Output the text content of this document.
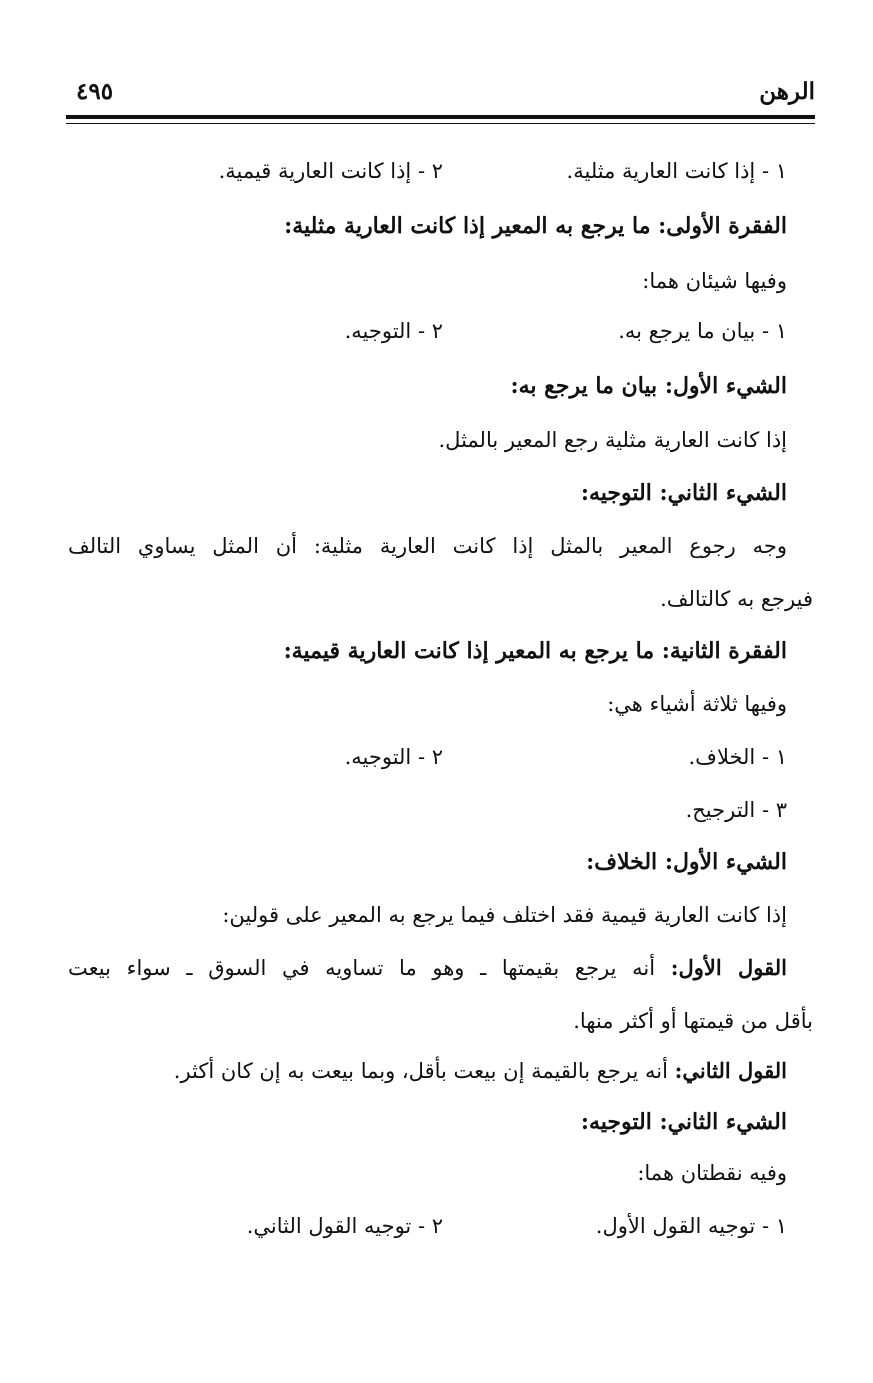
الرهن
٤٩٥
١ - إذا كانت العارية مثلية.
٢ - إذا كانت العارية قيمية.
الفقرة الأولى: ما يرجع به المعير إذا كانت العارية مثلية:
وفيها شيئان هما:
١ - بيان ما يرجع به.
٢ - التوجيه.
الشيء الأول: بيان ما يرجع به:
إذا كانت العارية مثلية رجع المعير بالمثل.
الشيء الثاني: التوجيه:
وجه رجوع المعير بالمثل إذا كانت العارية مثلية: أن المثل يساوي التالف
فيرجع به كالتالف.
الفقرة الثانية: ما يرجع به المعير إذا كانت العارية قيمية:
وفيها ثلاثة أشياء هي:
١ - الخلاف.
٢ - التوجيه.
٣ - الترجيح.
الشيء الأول: الخلاف:
إذا كانت العارية قيمية فقد اختلف فيما يرجع به المعير على قولين:
القول الأول: أنه يرجع بقيمتها ـ وهو ما تساويه في السوق ـ سواء بيعت
بأقل من قيمتها أو أكثر منها.
القول الثاني: أنه يرجع بالقيمة إن بيعت بأقل، وبما بيعت به إن كان أكثر.
الشيء الثاني: التوجيه:
وفيه نقطتان هما:
١ - توجيه القول الأول.
٢ - توجيه القول الثاني.
